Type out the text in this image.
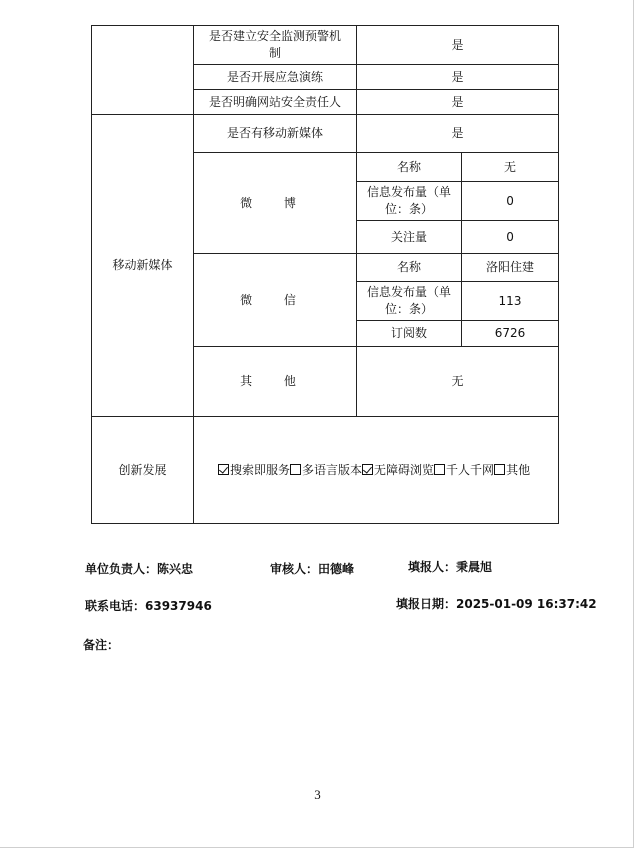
	是否建立安全监测预警机制	是	
	是否开展应急演练	是	
	是否明确网站安全责任人	是	
移动新媒体	是否有移动新媒体	是	
	微 博	名称	无
		信息发布量（单位：条）	0
		关注量	0
	微 信	名称	洛阳住建
		信息发布量（单位：条）	113
		订阅数	6726
	其 他	无	
创新发展	搜索即服务 多语言版本 无障碍浏览 千人千网 其他		
单位负责人：陈兴忠	审核人：田德峰	填报人：秉晨旭
联系电话：63937946	填报日期：2025-01-09 16:37:42
备注：
3
